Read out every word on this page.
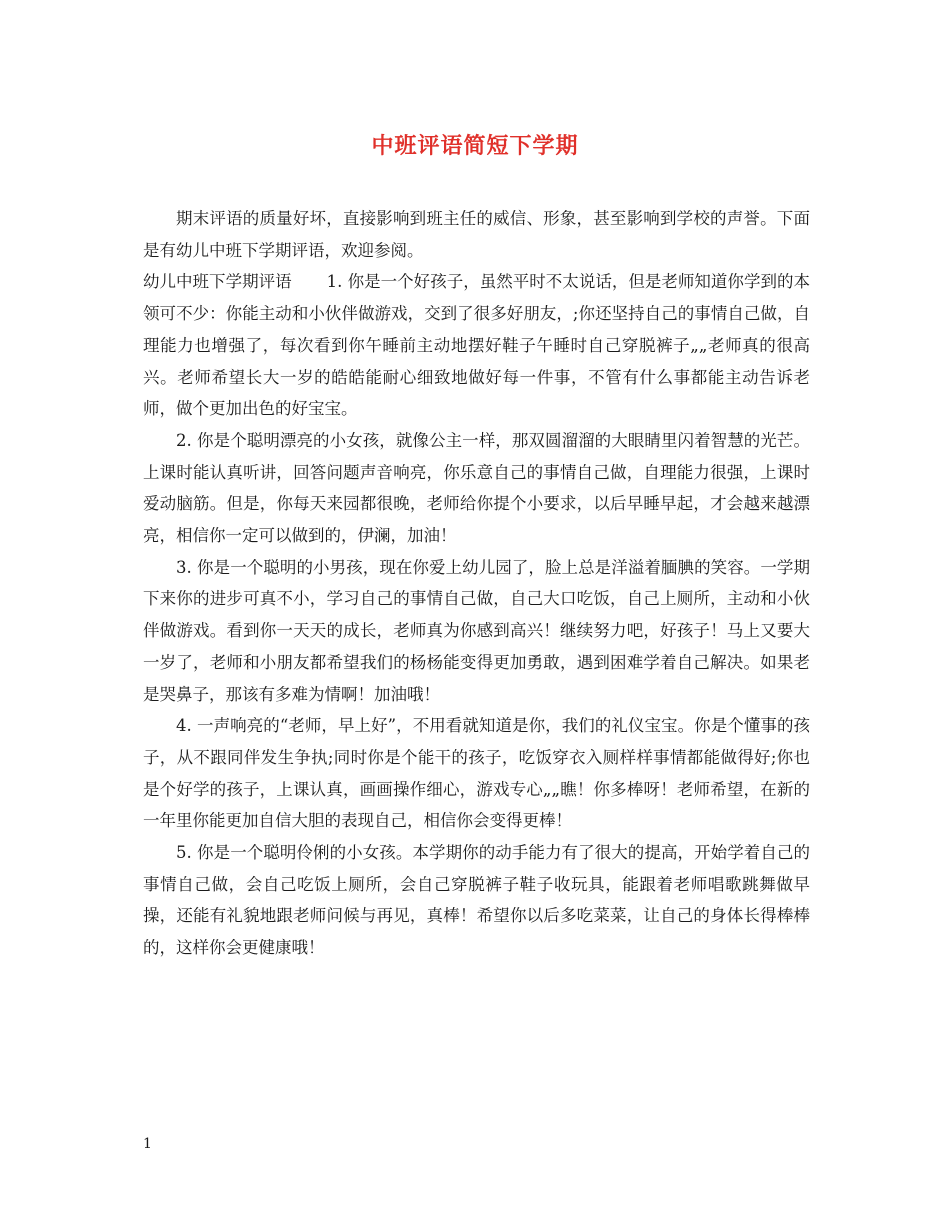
中班评语简短下学期

期末评语的质量好坏，直接影响到班主任的威信、形象，甚至影响到学校的声誉。下面是有幼儿中班下学期评语，欢迎参阅。

幼儿中班下学期评语 1. 你是一个好孩子，虽然平时不太说话，但是老师知道你学到的本领可不少：你能主动和小伙伴做游戏，交到了很多好朋友，;你还坚持自己的事情自己做，自理能力也增强了，每次看到你午睡前主动地摆好鞋子午睡时自己穿脱裤子„„老师真的很高兴。老师希望长大一岁的皓皓能耐心细致地做好每一件事，不管有什么事都能主动告诉老师，做个更加出色的好宝宝。

2. 你是个聪明漂亮的小女孩，就像公主一样，那双圆溜溜的大眼睛里闪着智慧的光芒。上课时能认真听讲，回答问题声音响亮，你乐意自己的事情自己做，自理能力很强，上课时爱动脑筋。但是，你每天来园都很晚，老师给你提个小要求，以后早睡早起，才会越来越漂亮，相信你一定可以做到的，伊澜，加油！

3. 你是一个聪明的小男孩，现在你爱上幼儿园了，脸上总是洋溢着腼腆的笑容。一学期下来你的进步可真不小，学习自己的事情自己做，自己大口吃饭，自己上厕所，主动和小伙伴做游戏。看到你一天天的成长，老师真为你感到高兴！继续努力吧，好孩子！马上又要大一岁了，老师和小朋友都希望我们的杨杨能变得更加勇敢，遇到困难学着自己解决。如果老是哭鼻子，那该有多难为情啊！加油哦！

4. 一声响亮的“老师，早上好”，不用看就知道是你，我们的礼仪宝宝。你是个懂事的孩子，从不跟同伴发生争执;同时你是个能干的孩子，吃饭穿衣入厕样样事情都能做得好;你也是个好学的孩子，上课认真，画画操作细心，游戏专心„„瞧！你多棒呀！老师希望，在新的一年里你能更加自信大胆的表现自己，相信你会变得更棒！

5. 你是一个聪明伶俐的小女孩。本学期你的动手能力有了很大的提高，开始学着自己的事情自己做，会自己吃饭上厕所，会自己穿脱裤子鞋子收玩具，能跟着老师唱歌跳舞做早操，还能有礼貌地跟老师问候与再见，真棒！希望你以后多吃菜菜，让自己的身体长得棒棒的，这样你会更健康哦！

1
